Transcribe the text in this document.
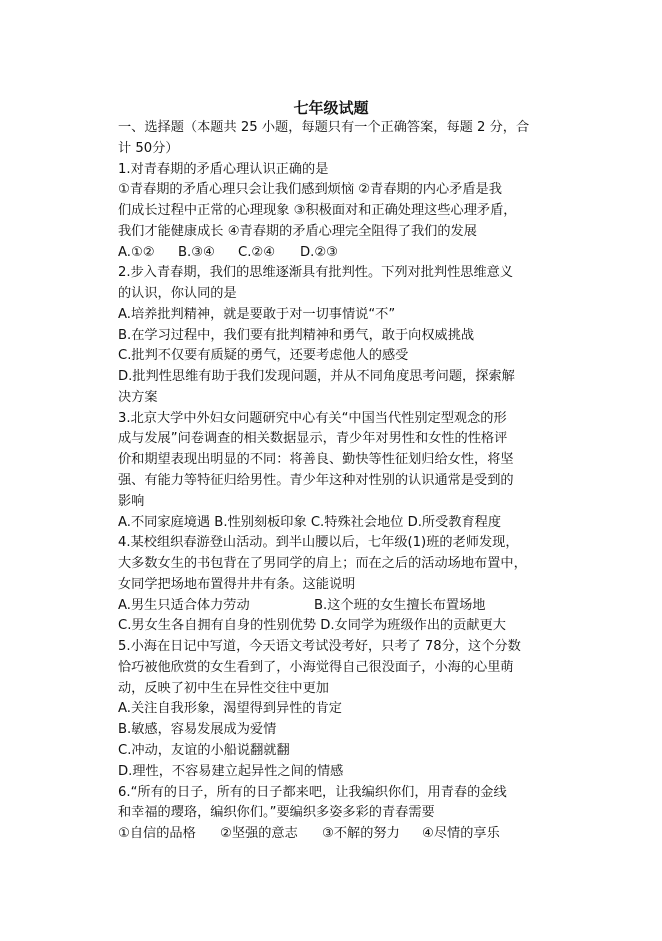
七年级试题
一、选择题（本题共 25 小题，每题只有一个正确答案，每题 2 分，合
计 50分）
1.对青春期的矛盾心理认识正确的是
①青春期的矛盾心理只会让我们感到烦恼 ②青春期的内心矛盾是我
们成长过程中正常的心理现象 ③积极面对和正确处理这些心理矛盾，
我们才能健康成长 ④青春期的矛盾心理完全阻得了我们的发展
A.①②	B.③④	C.②④	D.②③
2.步入青春期，我们的思维逐渐具有批判性。下列对批判性思维意义
的认识，你认同的是
A.培养批判精神，就是要敢于对一切事情说“不”
B.在学习过程中，我们要有批判精神和勇气，敢于向权威挑战
C.批判不仅要有质疑的勇气，还要考虑他人的感受
D.批判性思维有助于我们发现问题，并从不同角度思考问题，探索解
决方案
3.北京大学中外妇女问题研究中心有关“中国当代性别定型观念的形
成与发展”问卷调查的相关数据显示，青少年对男性和女性的性格评
价和期望表现出明显的不同：将善良、勤快等性征划归给女性，将坚
强、有能力等特征归给男性。青少年这种对性别的认识通常是受到的
影响
A.不同家庭境遇 B.性别刻板印象 C.特殊社会地位 D.所受教育程度
4.某校组织春游登山活动。到半山腰以后，七年级(1)班的老师发现，
大多数女生的书包背在了男同学的肩上；而在之后的活动场地布置中，
女同学把场地布置得井井有条。这能说明
A.男生只适合体力劳动	B.这个班的女生擅长布置场地
C.男女生各自拥有自身的性别优势 D.女同学为班级作出的贡献更大
5.小海在日记中写道，今天语文考试没考好，只考了 78分，这个分数
恰巧被他欣赏的女生看到了，小海觉得自己很没面子，小海的心里萌
动，反映了初中生在异性交往中更加
A.关注自我形象，渴望得到异性的肯定
B.敏感，容易发展成为爱情
C.冲动，友谊的小船说翻就翻
D.理性，不容易建立起异性之间的情感
6.“所有的日子，所有的日子都来吧，让我编织你们，用青春的金线
和幸福的璎珞，编织你们。”要编织多姿多彩的青春需要
①自信的品格	②坚强的意志	③不解的努力	④尽情的享乐
